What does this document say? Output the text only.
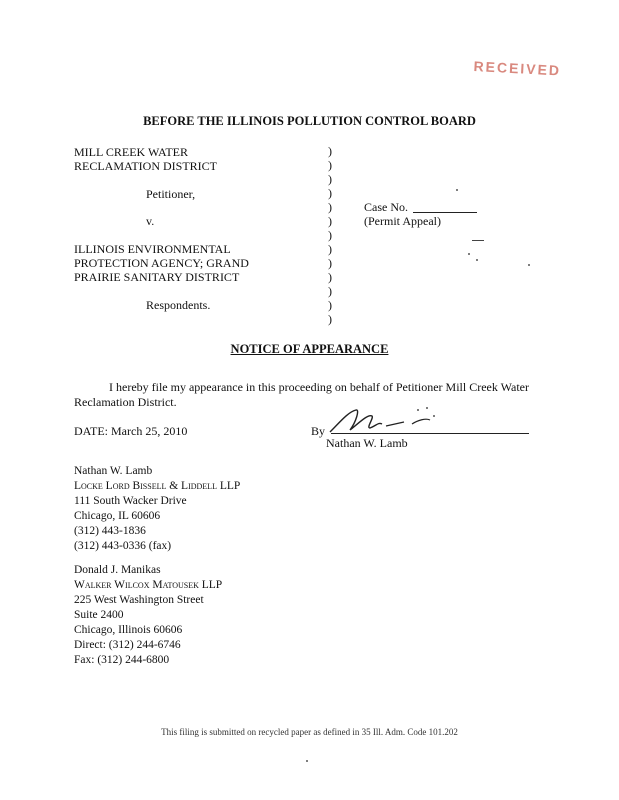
RECEIVED
BEFORE THE ILLINOIS POLLUTION CONTROL BOARD
MILL CREEK WATER
RECLAMATION DISTRICT
Petitioner,
v.
ILLINOIS ENVIRONMENTAL
PROTECTION AGENCY; GRAND
PRAIRIE SANITARY DISTRICT
Respondents.
)
)
)
)
)
)
)
)
)
)
)
)
)
Case No.
(Permit Appeal)
NOTICE OF APPEARANCE
I hereby file my appearance in this proceeding on behalf of Petitioner Mill Creek Water
Reclamation District.
DATE: March 25, 2010	By
Nathan W. Lamb
Nathan W. Lamb
Locke Lord Bissell & Liddell LLP
111 South Wacker Drive
Chicago, IL 60606
(312) 443-1836
(312) 443-0336 (fax)
Donald J. Manikas
Walker Wilcox Matousek LLP
225 West Washington Street
Suite 2400
Chicago, Illinois 60606
Direct: (312) 244-6746
Fax: (312) 244-6800
This filing is submitted on recycled paper as defined in 35 Ill. Adm. Code 101.202
